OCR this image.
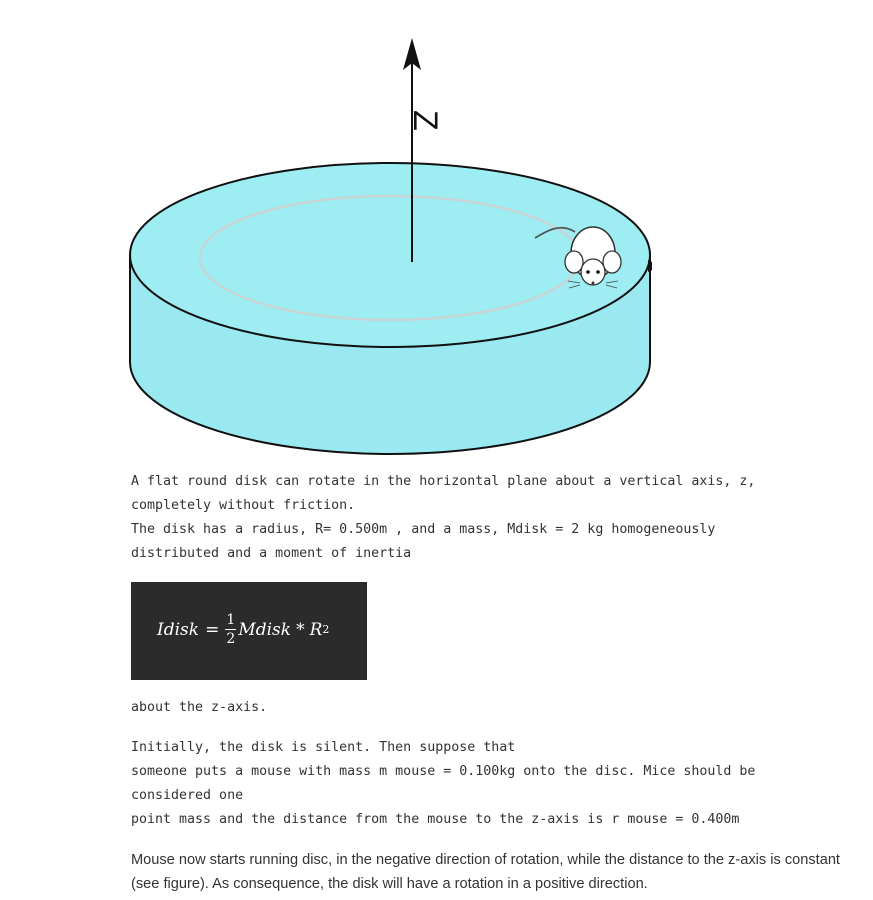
Z
A flat round disk can rotate in the horizontal plane about a vertical axis, z,
completely without friction.
The disk has a radius, R= 0.500m , and a mass, Mdisk = 2 kg homogeneously
distributed and a moment of inertia
Idisk = $\frac{1}{2}$ Mdisk * R 2
about the z-axis.
Initially, the disk is silent. Then suppose that
someone puts a mouse with mass m mouse = 0.100kg onto the disc. Mice should be
considered one
point mass and the distance from the mouse to the z-axis is r mouse = 0.400m
Mouse now starts running disc, in the negative direction of rotation, while the distance to the z-axis is constant (see figure). As consequence, the disk will have a rotation in a positive direction.
